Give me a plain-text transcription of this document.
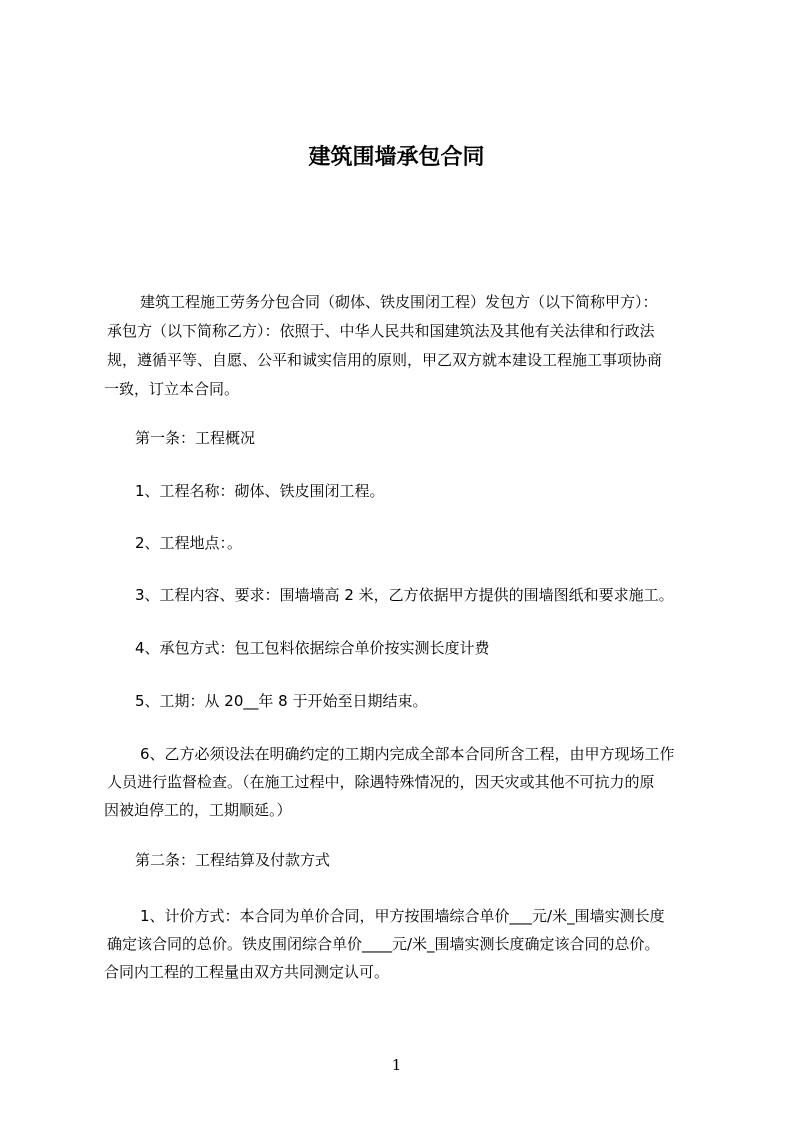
建筑围墙承包合同
建筑工程施工劳务分包合同（砌体、铁皮围闭工程）发包方（以下简称甲方）：
承包方（以下简称乙方）：依照于、中华人民共和国建筑法及其他有关法律和行政法
规，遵循平等、自愿、公平和诚实信用的原则，甲乙双方就本建设工程施工事项协商
一致，订立本合同。
第一条：工程概况
1、工程名称：砌体、铁皮围闭工程。
2、工程地点：。
3、工程内容、要求：围墙墙高 2 米，乙方依据甲方提供的围墙图纸和要求施工。
4、承包方式：包工包料依据综合单价按实测长度计费
5、工期：从 20__年 8 于开始至日期结束。
6、乙方必须设法在明确约定的工期内完成全部本合同所含工程，由甲方现场工作
人员进行监督检查。（在施工过程中，除遇特殊情况的，因天灾或其他不可抗力的原
因被迫停工的，工期顺延。）
第二条：工程结算及付款方式
1、计价方式：本合同为单价合同，甲方按围墙综合单价___元/米_围墙实测长度
确定该合同的总价。铁皮围闭综合单价____元/米_围墙实测长度确定该合同的总价。
合同内工程的工程量由双方共同测定认可。
1
